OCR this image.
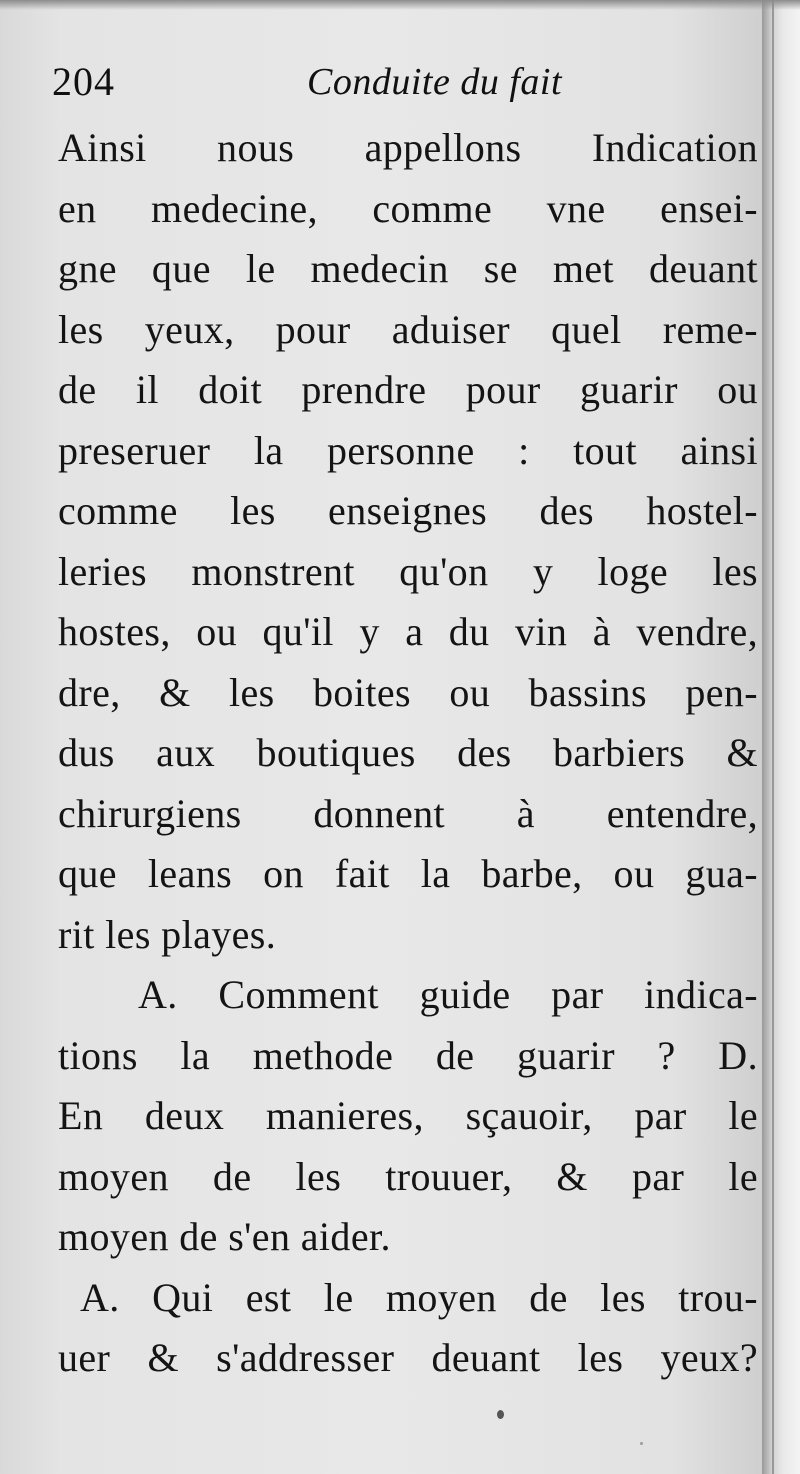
204	Conduite du fait
Ainsi nous appellons Indication
en medecine, comme vne ensei-
gne que le medecin se met deuant
les yeux, pour aduiser quel reme-
de il doit prendre pour guarir ou
preseruer la personne : tout ainsi
comme les enseignes des hostel-
leries monstrent qu'on y loge les
hostes, ou qu'il y a du vin à vendre,
dre, & les boites ou bassins pen-
dus aux boutiques des barbiers &
chirurgiens donnent à entendre,
que leans on fait la barbe, ou gua-
rit les playes.
A. Comment guide par indica-
tions la methode de guarir ? D.
En deux manieres, sçauoir, par le
moyen de les trouuer, & par le
moyen de s'en aider.
A. Qui est le moyen de les trou-
uer & s'addresser deuant les yeux?
